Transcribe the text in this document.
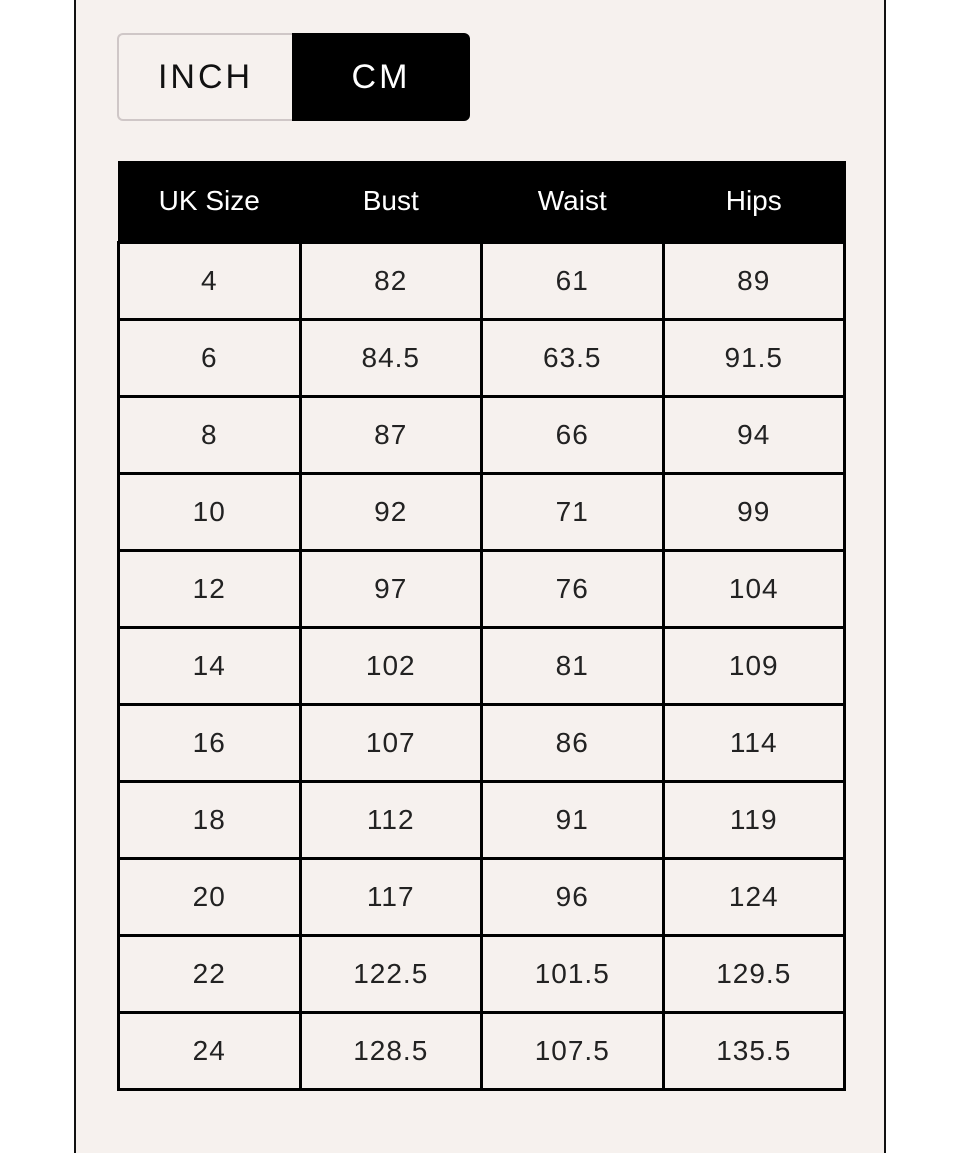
INCH	CM
UK Size	Bust	Waist	Hips
4	82	61	89
6	84.5	63.5	91.5
8	87	66	94
10	92	71	99
12	97	76	104
14	102	81	109
16	107	86	114
18	112	91	119
20	117	96	124
22	122.5	101.5	129.5
24	128.5	107.5	135.5
